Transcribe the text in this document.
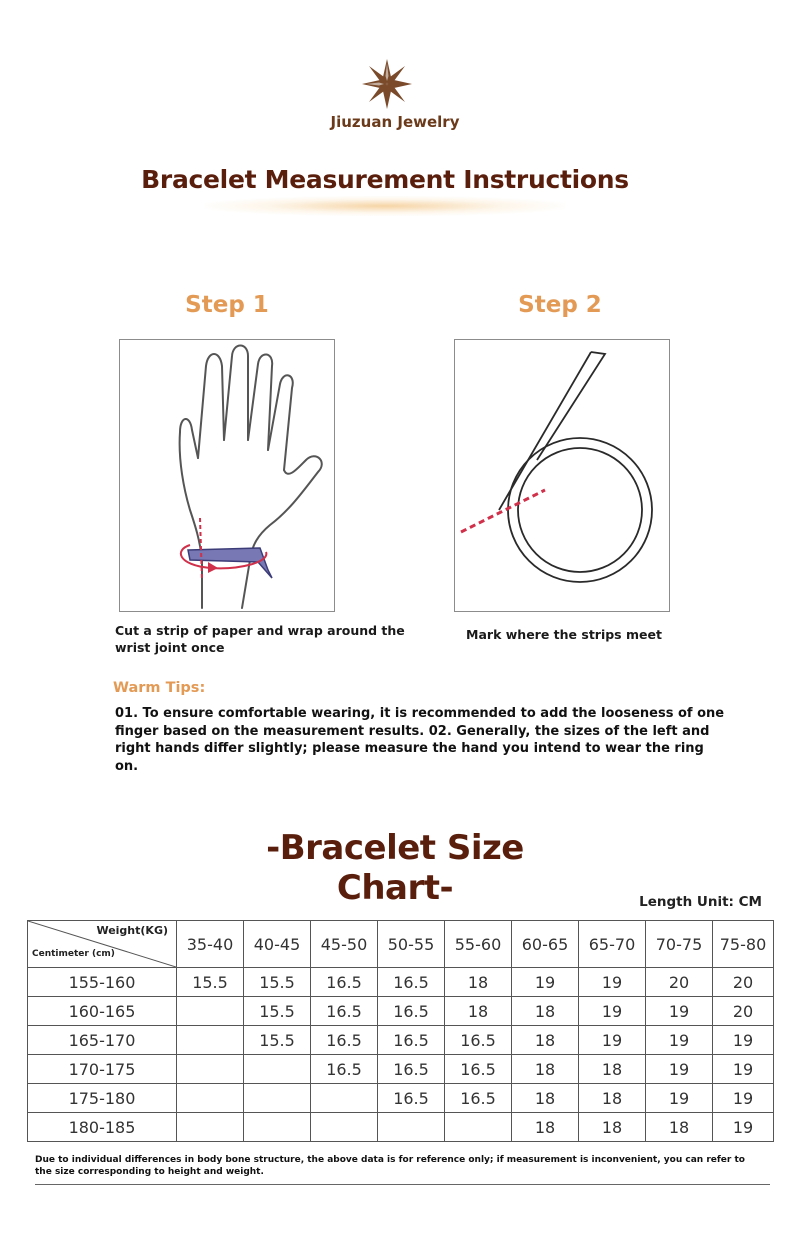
Jiuzuan Jewelry
Bracelet Measurement Instructions
Step 1
Cut a strip of paper and wrap around the wrist joint once
Step 2
Mark where the strips meet
Warm Tips:
01. To ensure comfortable wearing, it is recommended to add the looseness of one finger based on the measurement results. 02. Generally, the sizes of the left and right hands differ slightly; please measure the hand you intend to wear the ring on.
-Bracelet Size Chart-	Length Unit: CM
Weight(KG)
Centimeter (cm)	35-40	40-45	45-50	50-55	55-60	60-65	65-70	70-75	75-80
155-160	15.5	15.5	16.5	16.5	18	19	19	20	20
160-165		15.5	16.5	16.5	18	18	19	19	20
165-170		15.5	16.5	16.5	16.5	18	19	19	19
170-175			16.5	16.5	16.5	18	18	19	19
175-180				16.5	16.5	18	18	19	19
180-185						18	18	18	19
Due to individual differences in body bone structure, the above data is for reference only; if measurement is inconvenient, you can refer to the size corresponding to height and weight.
